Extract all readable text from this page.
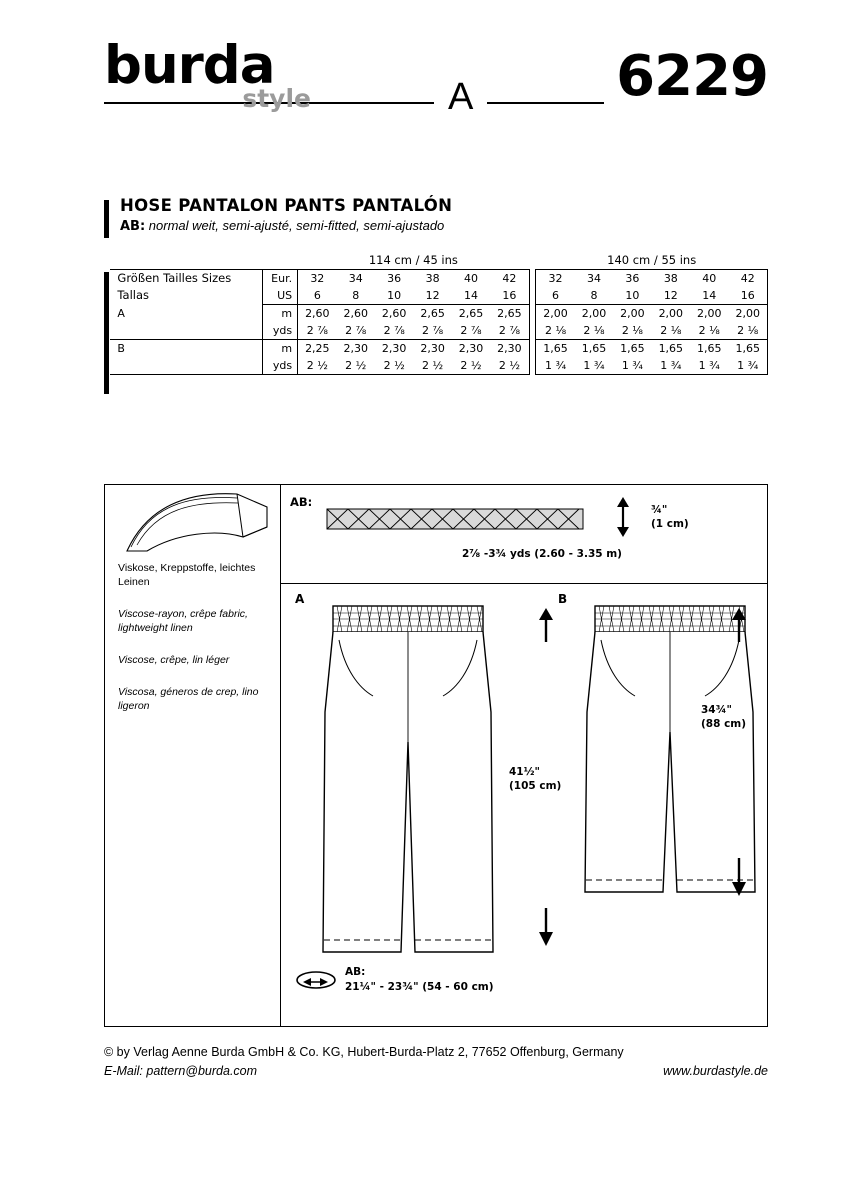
burda
style	A	6229
HOSE PANTALON PANTS PANTALÓN
AB: normal weit, semi-ajusté, semi-fitted, semi-ajustado
			114 cm / 45 ins							140 cm / 55 ins					
	Größen Tailles Sizes Tallas	Eur.	32	34	36	38	40	42		32	34	36	38	40	42
		US	6	8	10	12	14	16		6	8	10	12	14	16
	A	m	2,60	2,60	2,60	2,65	2,65	2,65		2,00	2,00	2,00	2,00	2,00	2,00
		yds	2 ⅞	2 ⅞	2 ⅞	2 ⅞	2 ⅞	2 ⅞		2 ⅛	2 ⅛	2 ⅛	2 ⅛	2 ⅛	2 ⅛
	B	m	2,25	2,30	2,30	2,30	2,30	2,30		1,65	1,65	1,65	1,65	1,65	1,65
		yds	2 ½	2 ½	2 ½	2 ½	2 ½	2 ½		1 ¾	1 ¾	1 ¾	1 ¾	1 ¾	1 ¾
Viskose, Kreppstoffe, leichtes Leinen
Viscose-rayon, crêpe fabric, lightweight linen
Viscose, crêpe, lin léger
Viscosa, géneros de crep, lino ligeron
AB:
¾"
(1 cm)
2⅞ -3¾ yds (2.60 - 3.35 m)
A	B
41½"
(105 cm)
34¾"
(88 cm)
AB:
21¼" - 23¾" (54 - 60 cm)
© by Verlag Aenne Burda GmbH & Co. KG, Hubert-Burda-Platz 2, 77652 Offenburg, Germany
E-Mail: pattern@burda.com	www.burdastyle.de
